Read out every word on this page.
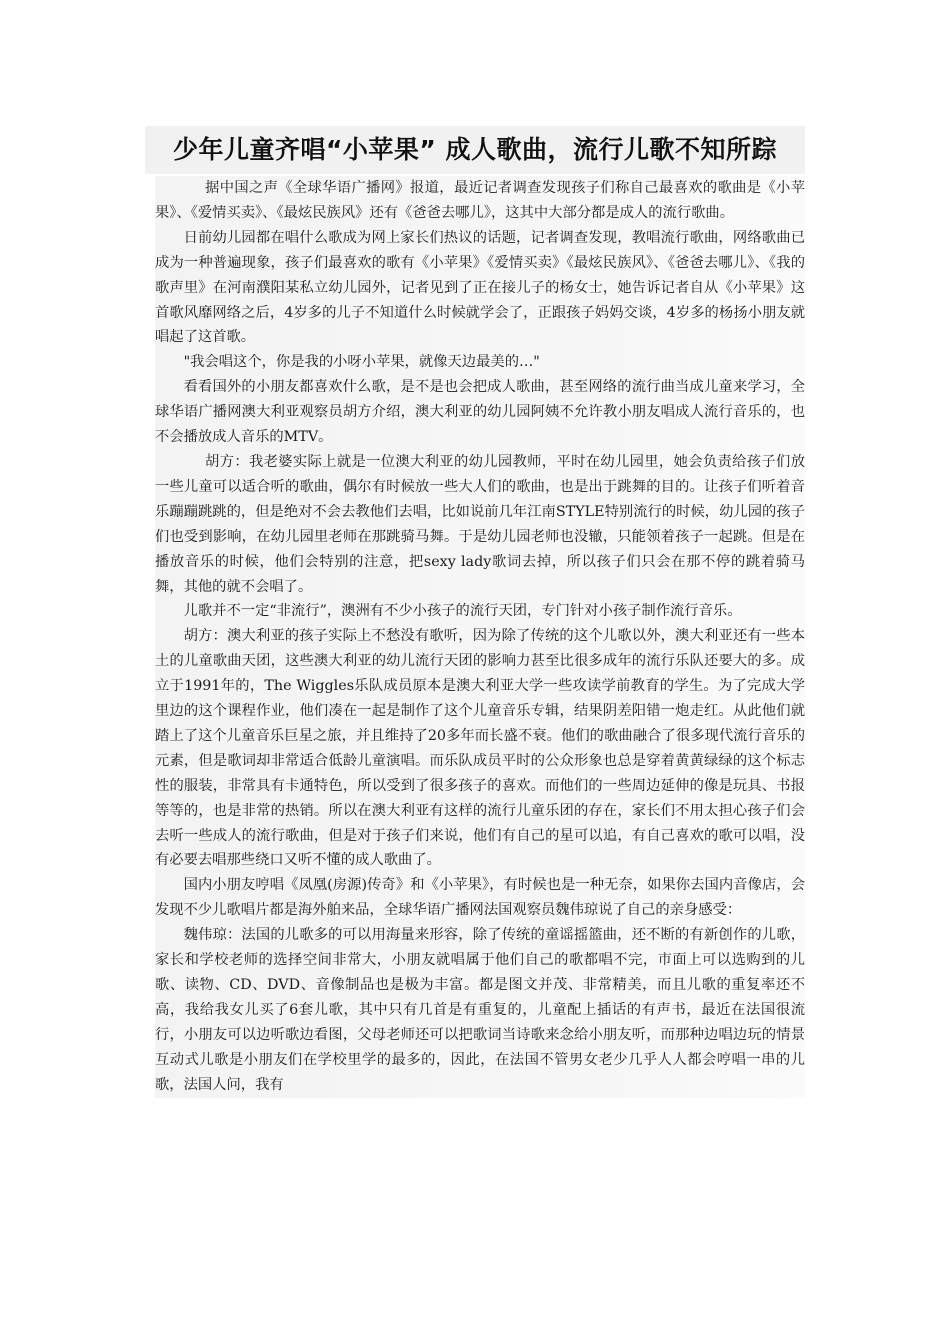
少年儿童齐唱“小苹果” 成人歌曲，流行儿歌不知所踪

据中国之声《全球华语广播网》报道，最近记者调查发现孩子们称自己最喜欢的歌曲是《小苹果》、《爱情买卖》、《最炫民族风》还有《爸爸去哪儿》，这其中大部分都是成人的流行歌曲。

日前幼儿园都在唱什么歌成为网上家长们热议的话题，记者调查发现，教唱流行歌曲，网络歌曲已成为一种普遍现象，孩子们最喜欢的歌有《小苹果》《爱情买卖》《最炫民族风》、《爸爸去哪儿》、《我的歌声里》在河南濮阳某私立幼儿园外，记者见到了正在接儿子的杨女士，她告诉记者自从《小苹果》这首歌风靡网络之后，4岁多的儿子不知道什么时候就学会了，正跟孩子妈妈交谈，4岁多的杨扬小朋友就唱起了这首歌。

"我会唱这个，你是我的小呀小苹果，就像天边最美的…"

看看国外的小朋友都喜欢什么歌，是不是也会把成人歌曲，甚至网络的流行曲当成儿童来学习，全球华语广播网澳大利亚观察员胡方介绍，澳大利亚的幼儿园阿姨不允许教小朋友唱成人流行音乐的，也不会播放成人音乐的MTV。

胡方：我老婆实际上就是一位澳大利亚的幼儿园教师，平时在幼儿园里，她会负责给孩子们放一些儿童可以适合听的歌曲，偶尔有时候放一些大人们的歌曲，也是出于跳舞的目的。让孩子们听着音乐蹦蹦跳跳的，但是绝对不会去教他们去唱，比如说前几年江南STYLE特别流行的时候，幼儿园的孩子们也受到影响，在幼儿园里老师在那跳骑马舞。于是幼儿园老师也没辙，只能领着孩子一起跳。但是在播放音乐的时候，他们会特别的注意，把sexy lady歌词去掉，所以孩子们只会在那不停的跳着骑马舞，其他的就不会唱了。

儿歌并不一定“非流行”，澳洲有不少小孩子的流行天团，专门针对小孩子制作流行音乐。

胡方：澳大利亚的孩子实际上不愁没有歌听，因为除了传统的这个儿歌以外，澳大利亚还有一些本土的儿童歌曲天团，这些澳大利亚的幼儿流行天团的影响力甚至比很多成年的流行乐队还要大的多。成立于1991年的，The Wiggles乐队成员原本是澳大利亚大学一些攻读学前教育的学生。为了完成大学里边的这个课程作业，他们凑在一起是制作了这个儿童音乐专辑，结果阴差阳错一炮走红。从此他们就踏上了这个儿童音乐巨星之旅，并且维持了20多年而长盛不衰。他们的歌曲融合了很多现代流行音乐的元素，但是歌词却非常适合低龄儿童演唱。而乐队成员平时的公众形象也总是穿着黄黄绿绿的这个标志性的服装，非常具有卡通特色，所以受到了很多孩子的喜欢。而他们的一些周边延伸的像是玩具、书报等等的，也是非常的热销。所以在澳大利亚有这样的流行儿童乐团的存在，家长们不用太担心孩子们会去听一些成人的流行歌曲，但是对于孩子们来说，他们有自己的星可以追，有自己喜欢的歌可以唱，没有必要去唱那些绕口又听不懂的成人歌曲了。

国内小朋友哼唱《凤凰(房源)传奇》和《小苹果》，有时候也是一种无奈，如果你去国内音像店，会发现不少儿歌唱片都是海外舶来品，全球华语广播网法国观察员魏伟琼说了自己的亲身感受：

魏伟琼：法国的儿歌多的可以用海量来形容，除了传统的童谣摇篮曲，还不断的有新创作的儿歌，家长和学校老师的选择空间非常大，小朋友就唱属于他们自己的歌都唱不完，市面上可以选购到的儿歌、读物、CD、DVD、音像制品也是极为丰富。都是图文并茂、非常精美，而且儿歌的重复率还不高，我给我女儿买了6套儿歌，其中只有几首是有重复的，儿童配上插话的有声书，最近在法国很流行，小朋友可以边听歌边看图，父母老师还可以把歌词当诗歌来念给小朋友听，而那种边唱边玩的情景互动式儿歌是小朋友们在学校里学的最多的，因此，在法国不管男女老少几乎人人都会哼唱一串的儿歌，法国人问，我有
